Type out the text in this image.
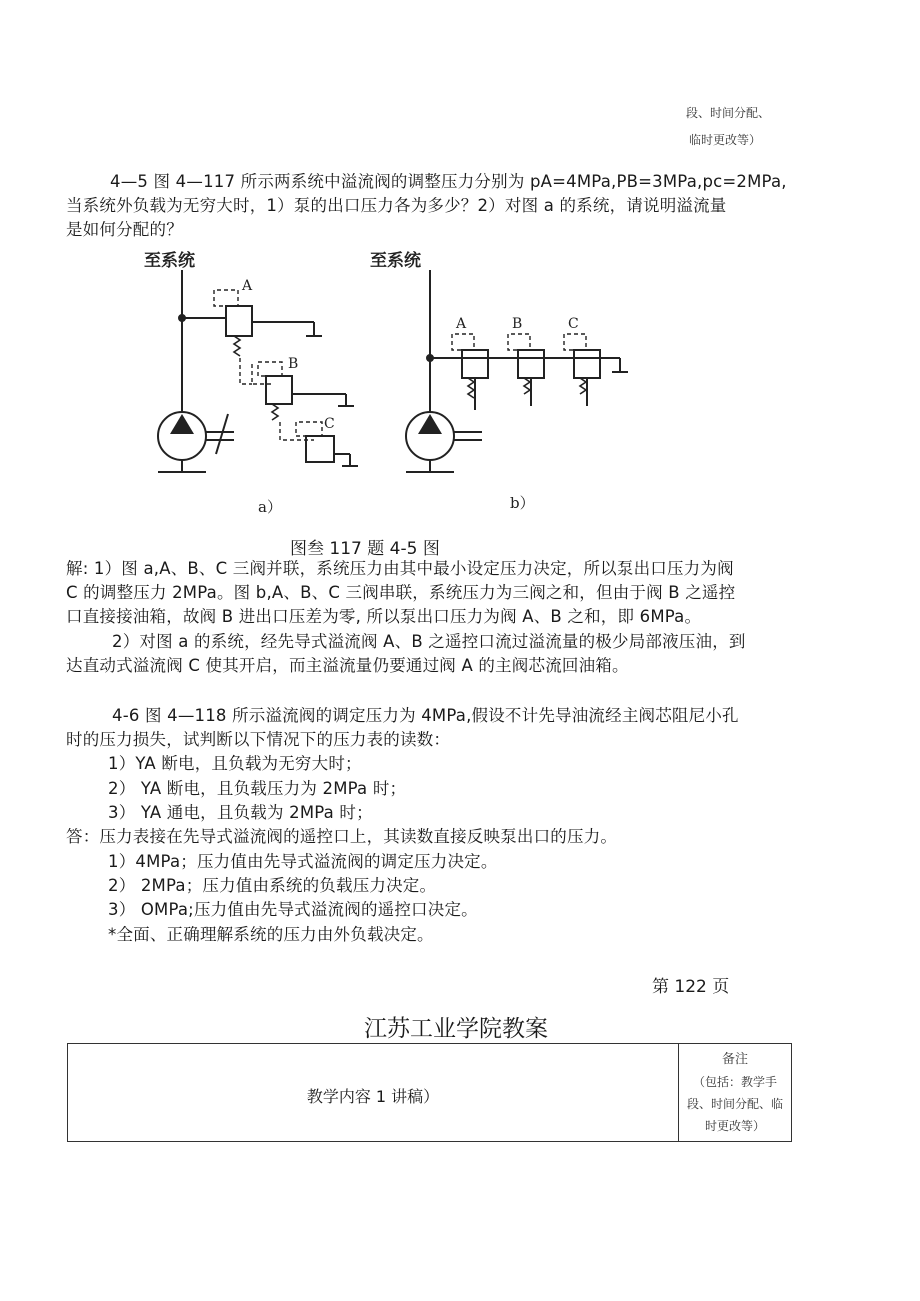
段、时间分配、
临时更改等）
4—5 图 4—117 所示两系统中溢流阀的调整压力分别为 pA=4MPa,PB=3MPa,pc=2MPa,
当系统外负载为无穷大时，1）泵的出口压力各为多少？2）对图 a 的系统，请说明溢流量
是如何分配的？
至系统	至系统
A
B
C
A	B	C
a）	b）
图叁 117 题 4-5 图
解: 1）图 a,A、B、C 三阀并联，系统压力由其中最小设定压力决定，所以泵出口压力为阀
C 的调整压力 2MPa。图 b,A、B、C 三阀串联，系统压力为三阀之和，但由于阀 B 之遥控
口直接接油箱，故阀 B 进出口压差为零, 所以泵出口压力为阀 A、B 之和，即 6MPa。
2）对图 a 的系统，经先导式溢流阀 A、B 之遥控口流过溢流量的极少局部液压油，到
达直动式溢流阀 C 使其开启，而主溢流量仍要通过阀 A 的主阀芯流回油箱。
4-6 图 4—118 所示溢流阀的调定压力为 4MPa,假设不计先导油流经主阀芯阻尼小孔
时的压力损失，试判断以下情况下的压力表的读数：
1）YA 断电，且负载为无穷大时；
2） YA 断电，且负载压力为 2MPa 时；
3） YA 通电，且负载为 2MPa 时；
答：压力表接在先导式溢流阀的遥控口上，其读数直接反映泵出口的压力。
1）4MPa；压力值由先导式溢流阀的调定压力决定。
2） 2MPa；压力值由系统的负载压力决定。
3） OMPa;压力值由先导式溢流阀的遥控口决定。
*全面、正确理解系统的压力由外负载决定。
第 122 页
江苏工业学院教案
教学内容 1 讲稿）	
备注
（包括：教学手
段、时间分配、临
时更改等）
